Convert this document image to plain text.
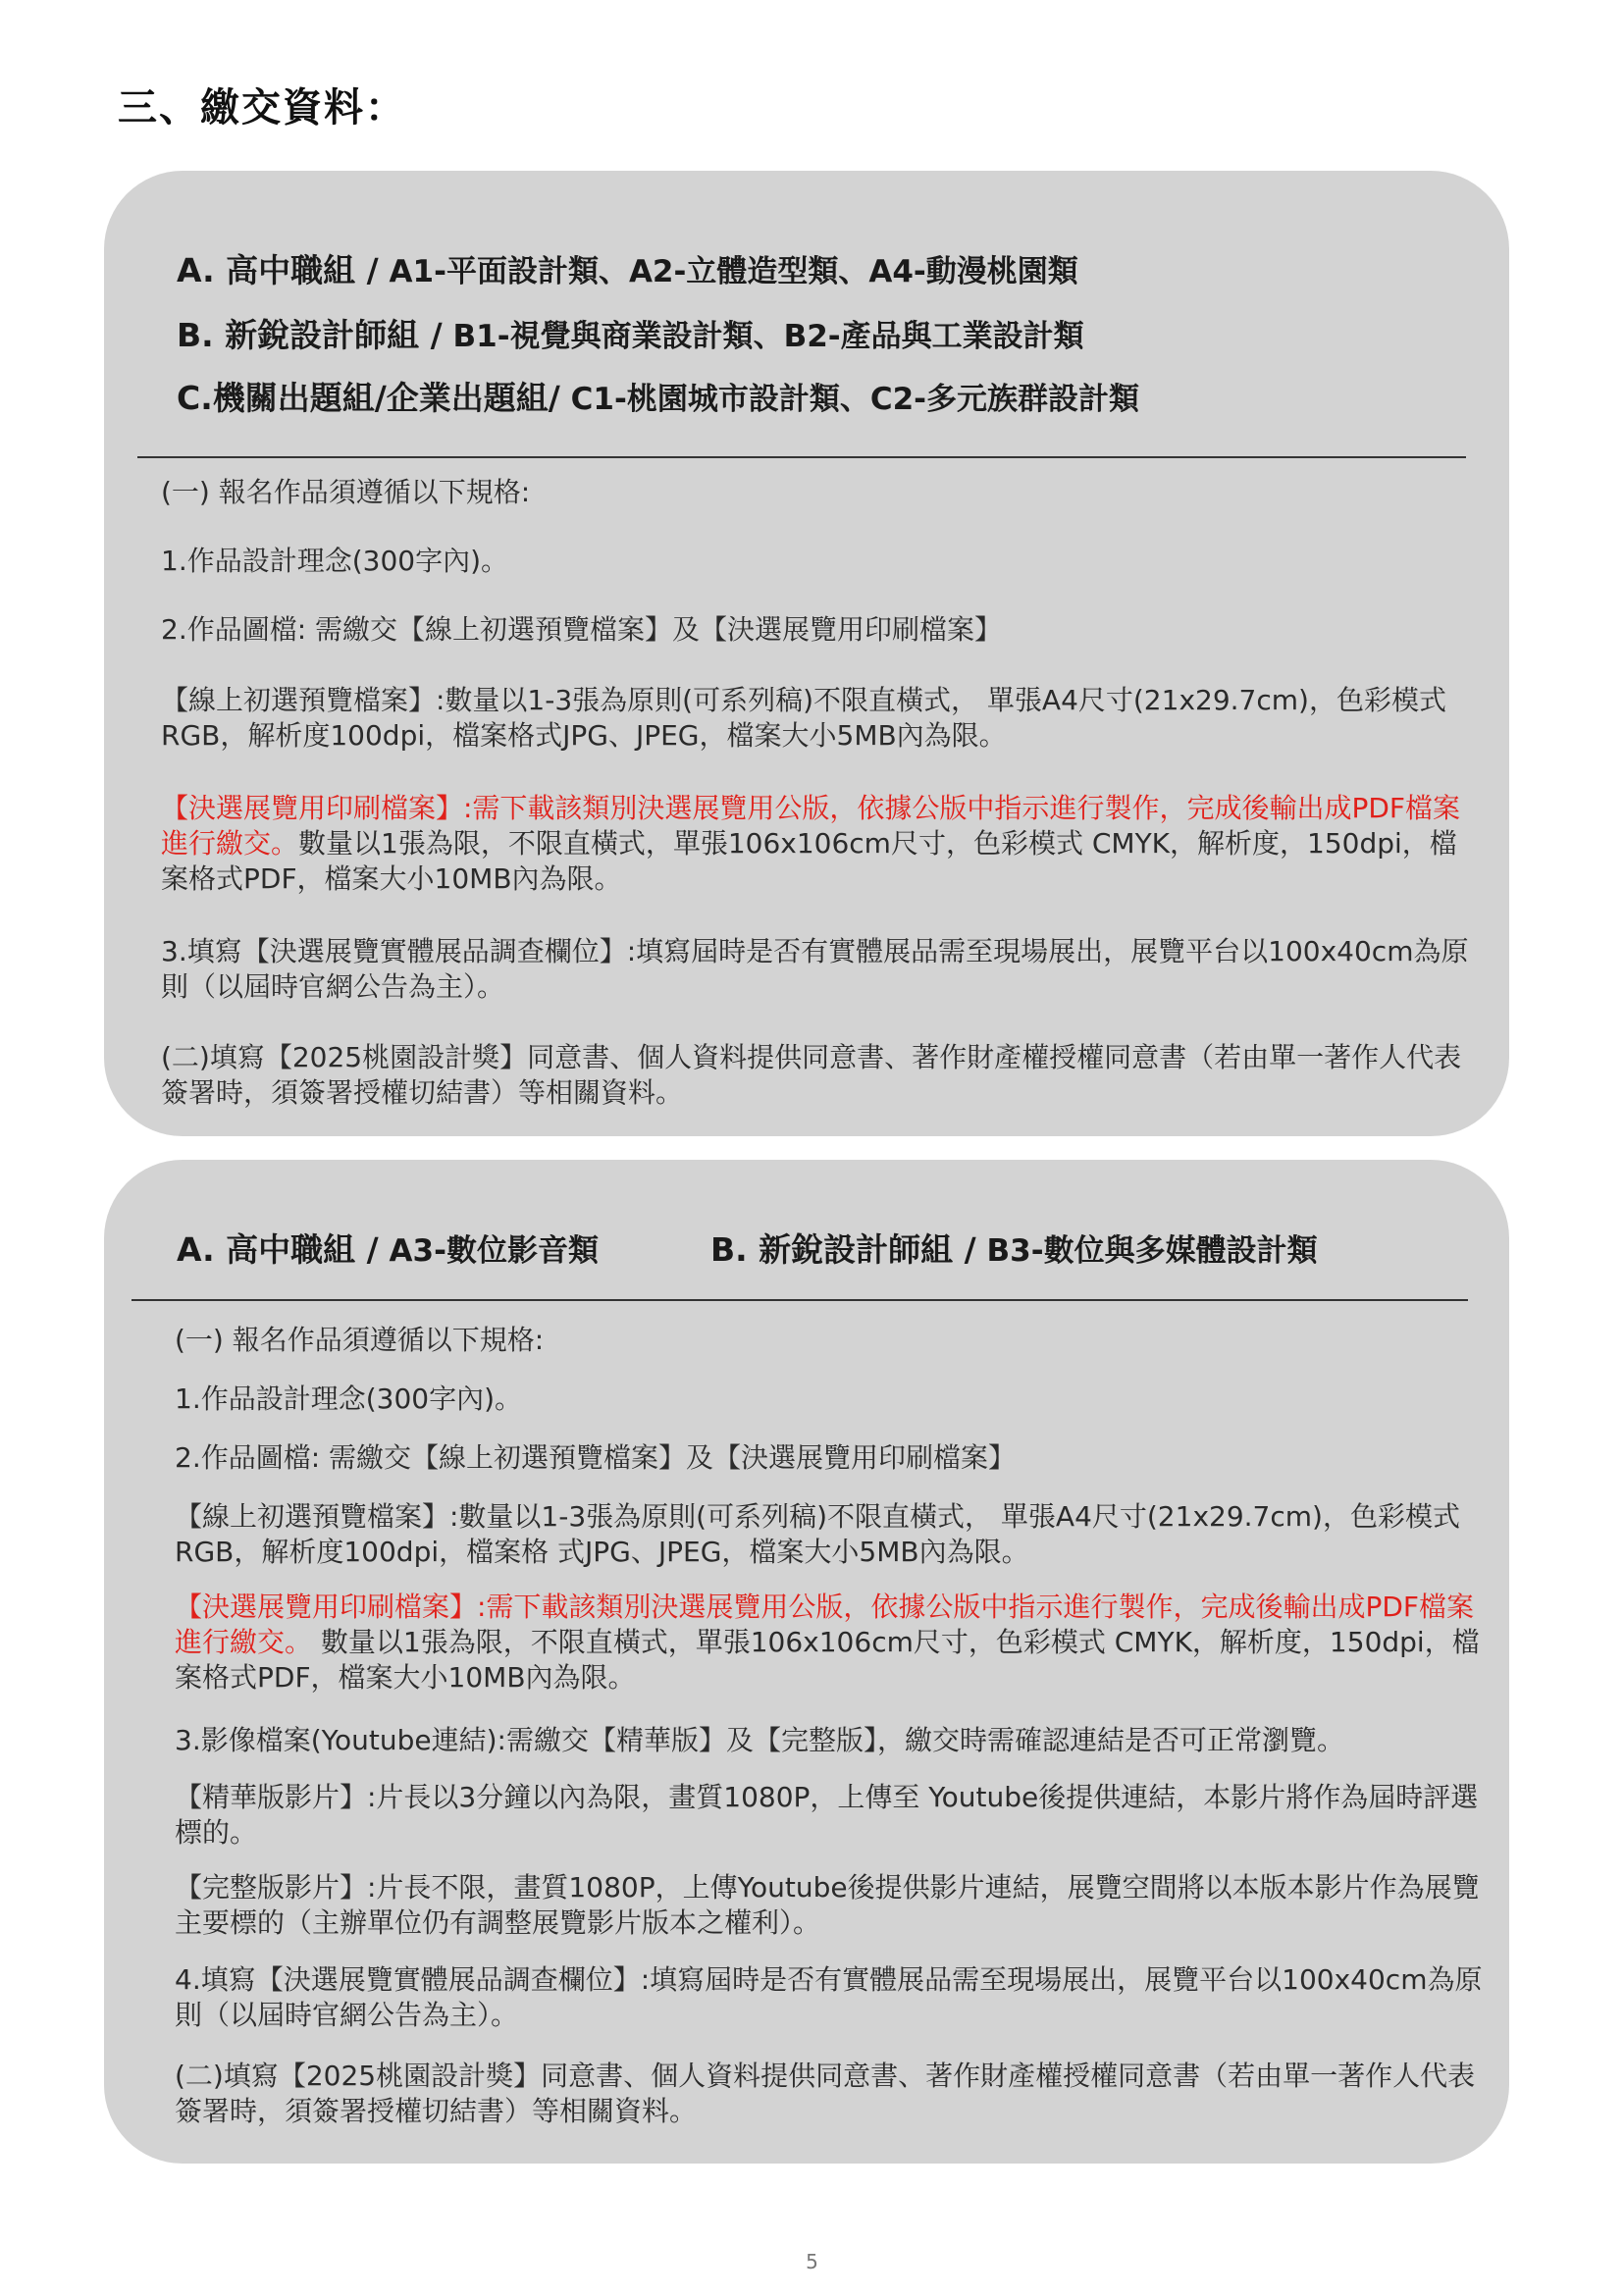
三、繳交資料：
A. 高中職組 / A1-平面設計類、A2-立體造型類、A4-動漫桃園類
B. 新銳設計師組 / B1-視覺與商業設計類、B2-產品與工業設計類
C.機關出題組/企業出題組/ C1-桃園城市設計類、C2-多元族群設計類
(一) 報名作品須遵循以下規格:
1.作品設計理念(300字內)。
2.作品圖檔: 需繳交【線上初選預覽檔案】及【決選展覽用印刷檔案】
【線上初選預覽檔案】:數量以1-3張為原則(可系列稿)不限直橫式， 單張A4尺寸(21x29.7cm)，色彩模式RGB，解析度100dpi，檔案格式JPG、JPEG，檔案大小5MB內為限。
【決選展覽用印刷檔案】:需下載該類別決選展覽用公版，依據公版中指示進行製作，完成後輸出成PDF檔案進行繳交。數量以1張為限，不限直橫式，單張106x106cm尺寸，色彩模式 CMYK，解析度，150dpi，檔案格式PDF，檔案大小10MB內為限。
3.填寫【決選展覽實體展品調查欄位】:填寫屆時是否有實體展品需至現場展出，展覽平台以100x40cm為原則（以屆時官網公告為主）。
(二)填寫【2025桃園設計獎】同意書、個人資料提供同意書、著作財產權授權同意書（若由單一著作人代表簽署時，須簽署授權切結書）等相關資料。
A. 高中職組 / A3-數位影音類	B. 新銳設計師組 / B3-數位與多媒體設計類
(一) 報名作品須遵循以下規格:
1.作品設計理念(300字內)。
2.作品圖檔: 需繳交【線上初選預覽檔案】及【決選展覽用印刷檔案】
【線上初選預覽檔案】:數量以1-3張為原則(可系列稿)不限直橫式， 單張A4尺寸(21x29.7cm)，色彩模式RGB，解析度100dpi，檔案格 式JPG、JPEG，檔案大小5MB內為限。
【決選展覽用印刷檔案】:需下載該類別決選展覽用公版，依據公版中指示進行製作，完成後輸出成PDF檔案進行繳交。 數量以1張為限，不限直橫式，單張106x106cm尺寸，色彩模式 CMYK，解析度，150dpi，檔案格式PDF，檔案大小10MB內為限。
3.影像檔案(Youtube連結):需繳交【精華版】及【完整版】，繳交時需確認連結是否可正常瀏覽。
【精華版影片】:片長以3分鐘以內為限，畫質1080P，上傳至 Youtube後提供連結，本影片將作為屆時評選標的。
【完整版影片】:片長不限，畫質1080P，上傳Youtube後提供影片連結，展覽空間將以本版本影片作為展覽主要標的（主辦單位仍有調整展覽影片版本之權利）。
4.填寫【決選展覽實體展品調查欄位】:填寫屆時是否有實體展品需至現場展出，展覽平台以100x40cm為原則（以屆時官網公告為主）。
(二)填寫【2025桃園設計獎】同意書、個人資料提供同意書、著作財產權授權同意書（若由單一著作人代表簽署時，須簽署授權切結書）等相關資料。
5
